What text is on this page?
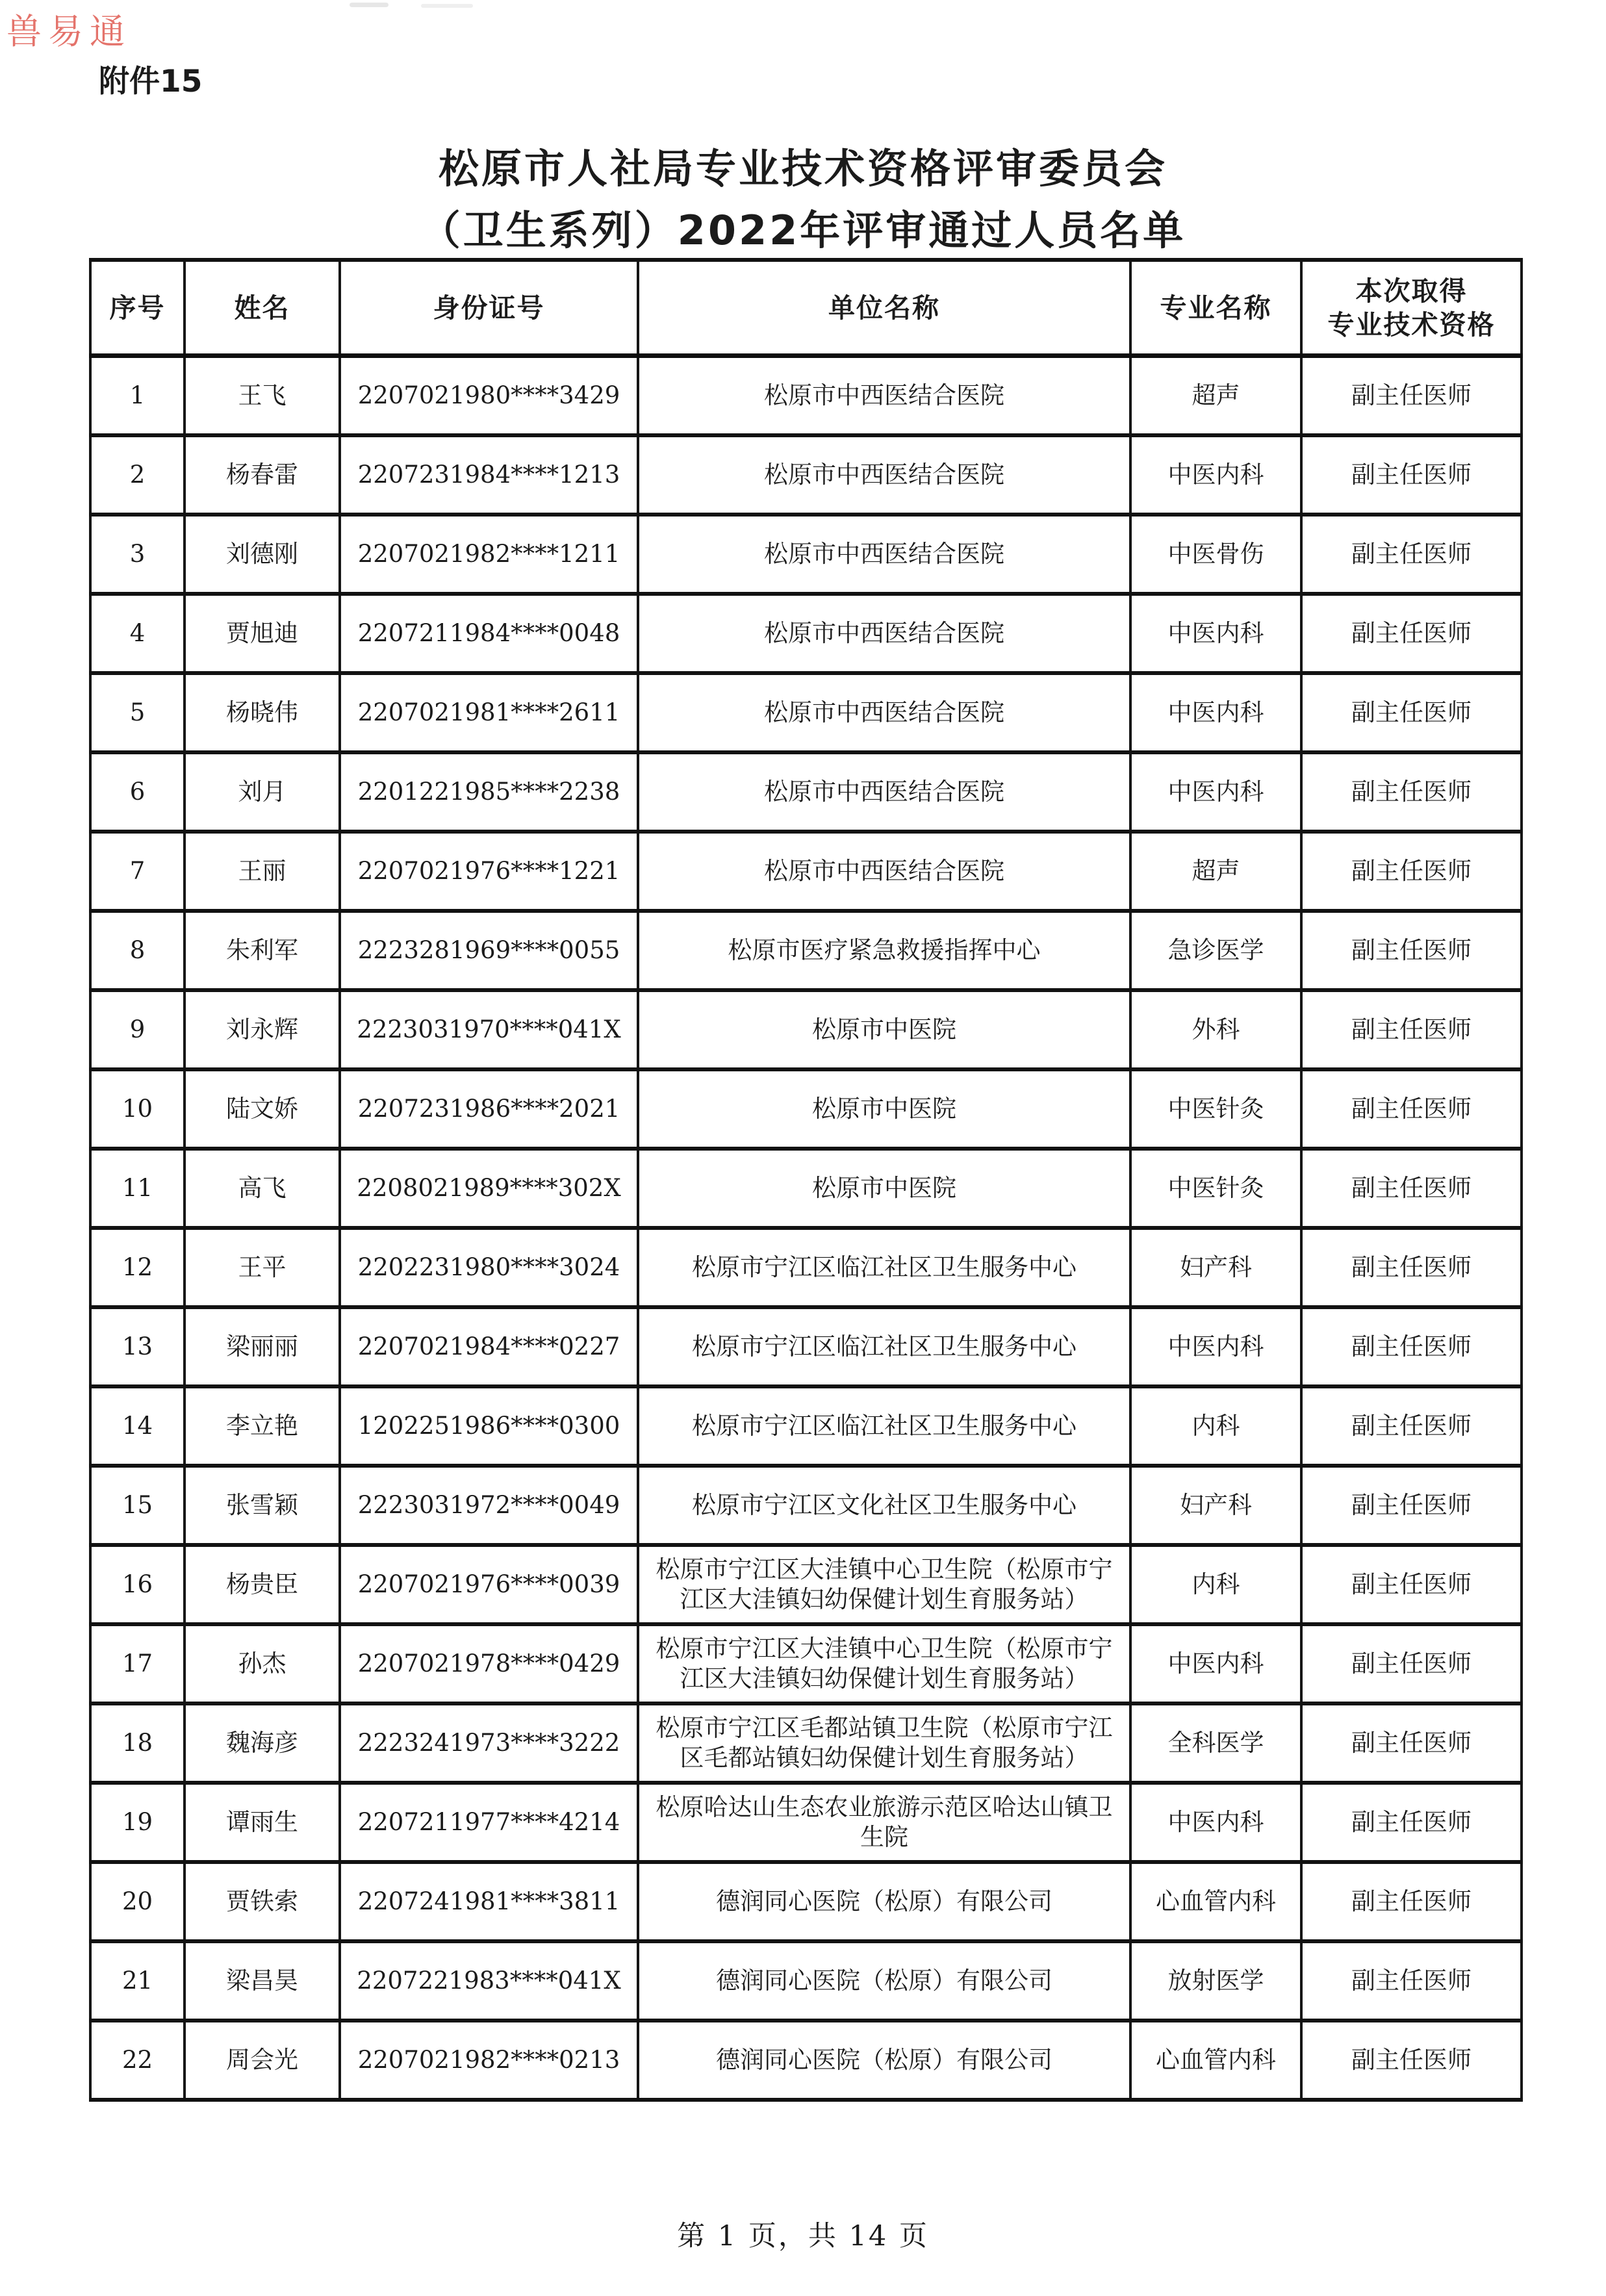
兽易通
附件15
松原市人社局专业技术资格评审委员会
（卫生系列）2022年评审通过人员名单
序号	姓名	身份证号	单位名称	专业名称	本次取得
专业技术资格

1	王飞	2207021980****3429	松原市中西医结合医院	超声	副主任医师
2	杨春雷	2207231984****1213	松原市中西医结合医院	中医内科	副主任医师
3	刘德刚	2207021982****1211	松原市中西医结合医院	中医骨伤	副主任医师
4	贾旭迪	2207211984****0048	松原市中西医结合医院	中医内科	副主任医师
5	杨晓伟	2207021981****2611	松原市中西医结合医院	中医内科	副主任医师
6	刘月	2201221985****2238	松原市中西医结合医院	中医内科	副主任医师
7	王丽	2207021976****1221	松原市中西医结合医院	超声	副主任医师
8	朱利军	2223281969****0055	松原市医疗紧急救援指挥中心	急诊医学	副主任医师
9	刘永辉	2223031970****041X	松原市中医院	外科	副主任医师
10	陆文娇	2207231986****2021	松原市中医院	中医针灸	副主任医师
11	高飞	2208021989****302X	松原市中医院	中医针灸	副主任医师
12	王平	2202231980****3024	松原市宁江区临江社区卫生服务中心	妇产科	副主任医师
13	梁丽丽	2207021984****0227	松原市宁江区临江社区卫生服务中心	中医内科	副主任医师
14	李立艳	1202251986****0300	松原市宁江区临江社区卫生服务中心	内科	副主任医师
15	张雪颖	2223031972****0049	松原市宁江区文化社区卫生服务中心	妇产科	副主任医师
16	杨贵臣	2207021976****0039	松原市宁江区大洼镇中心卫生院（松原市宁江区大洼镇妇幼保健计划生育服务站）	内科	副主任医师
17	孙杰	2207021978****0429	松原市宁江区大洼镇中心卫生院（松原市宁江区大洼镇妇幼保健计划生育服务站）	中医内科	副主任医师
18	魏海彦	2223241973****3222	松原市宁江区毛都站镇卫生院（松原市宁江区毛都站镇妇幼保健计划生育服务站）	全科医学	副主任医师
19	谭雨生	2207211977****4214	松原哈达山生态农业旅游示范区哈达山镇卫生院	中医内科	副主任医师
20	贾铁索	2207241981****3811	德润同心医院（松原）有限公司	心血管内科	副主任医师
21	梁昌昊	2207221983****041X	德润同心医院（松原）有限公司	放射医学	副主任医师
22	周会光	2207021982****0213	德润同心医院（松原）有限公司	心血管内科	副主任医师
第 1 页，共 14 页
